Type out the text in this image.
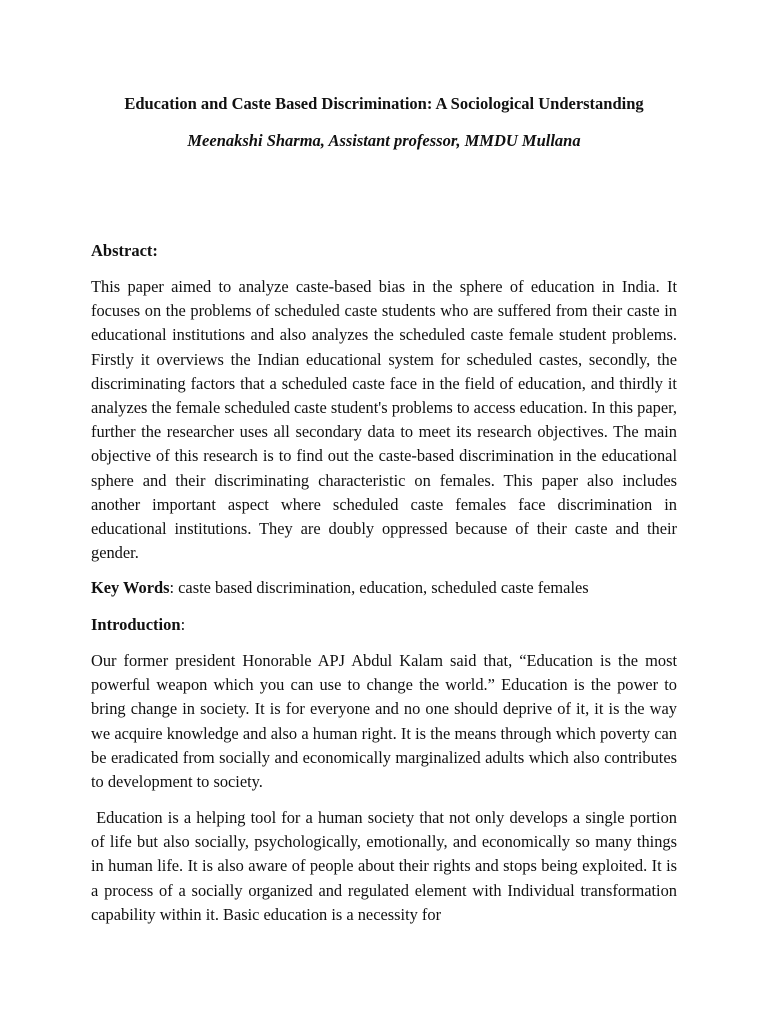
Education and Caste Based Discrimination: A Sociological Understanding
Meenakshi Sharma, Assistant professor, MMDU Mullana
Abstract:

This paper aimed to analyze caste-based bias in the sphere of education in India. It focuses on the problems of scheduled caste students who are suffered from their caste in educational institutions and also analyzes the scheduled caste female student problems. Firstly it overviews the Indian educational system for scheduled castes, secondly, the discriminating factors that a scheduled caste face in the field of education, and thirdly it analyzes the female scheduled caste student's problems to access education. In this paper, further the researcher uses all secondary data to meet its research objectives. The main objective of this research is to find out the caste-based discrimination in the educational sphere and their discriminating characteristic on females. This paper also includes another important aspect where scheduled caste females face discrimination in educational institutions. They are doubly oppressed because of their caste and their gender.

Key Words: caste based discrimination, education, scheduled caste females
Introduction:

Our former president Honorable APJ Abdul Kalam said that, “Education is the most powerful weapon which you can use to change the world.” Education is the power to bring change in society. It is for everyone and no one should deprive of it, it is the way we acquire knowledge and also a human right. It is the means through which poverty can be eradicated from socially and economically marginalized adults which also contributes to development to society.

Education is a helping tool for a human society that not only develops a single portion of life but also socially, psychologically, emotionally, and economically so many things in human life. It is also aware of people about their rights and stops being exploited. It is a process of a socially organized and regulated element with Individual transformation capability within it. Basic education is a necessity for
